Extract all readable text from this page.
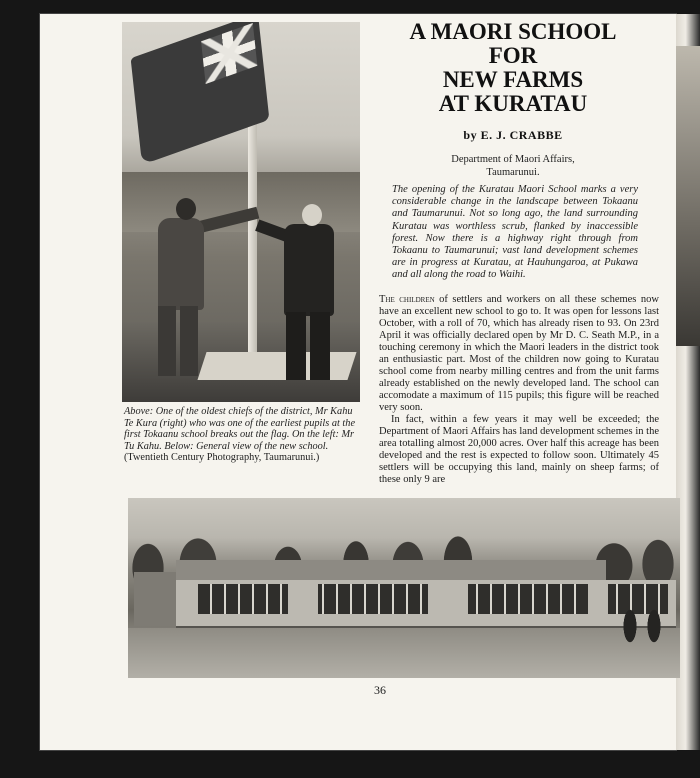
A MAORI SCHOOL
FOR
NEW FARMS
AT KURATAU
by E. J. CRABBE
Department of Maori Affairs,
Taumarunui.
The opening of the Kuratau Maori School marks a very considerable change in the landscape between Tokaanu and Taumarunui. Not so long ago, the land surrounding Kuratau was worthless scrub, flanked by inaccessible forest. Now there is a highway right through from Tokaanu to Taumarunui; vast land development schemes are in progress at Kuratau, at Hauhungaroa, at Pukawa and all along the road to Waihi.

The children of settlers and workers on all these schemes now have an excellent new school to go to. It was open for lessons last October, with a roll of 70, which has already risen to 93. On 23rd April it was officially declared open by Mr D. C. Seath M.P., in a touching ceremony in which the Maori leaders in the district took an enthusiastic part. Most of the children now going to Kuratau school come from nearby milling centres and from the unit farms already established on the newly developed land. The school can accomodate a maximum of 115 pupils; this figure will be reached very soon.

In fact, within a few years it may well be exceeded; the Department of Maori Affairs has land development schemes in the area totalling almost 20,000 acres. Over half this acreage has been developed and the rest is expected to follow soon. Ultimately 45 settlers will be occupying this land, mainly on sheep farms; of these only 9 are

Above: One of the oldest chiefs of the district, Mr Kahu Te Kura (right) who was one of the earliest pupils at the first Tokaanu school breaks out the flag. On the left: Mr Tu Kahu. Below: General view of the new school. (Twentieth Century Photography, Taumarunui.)
36
